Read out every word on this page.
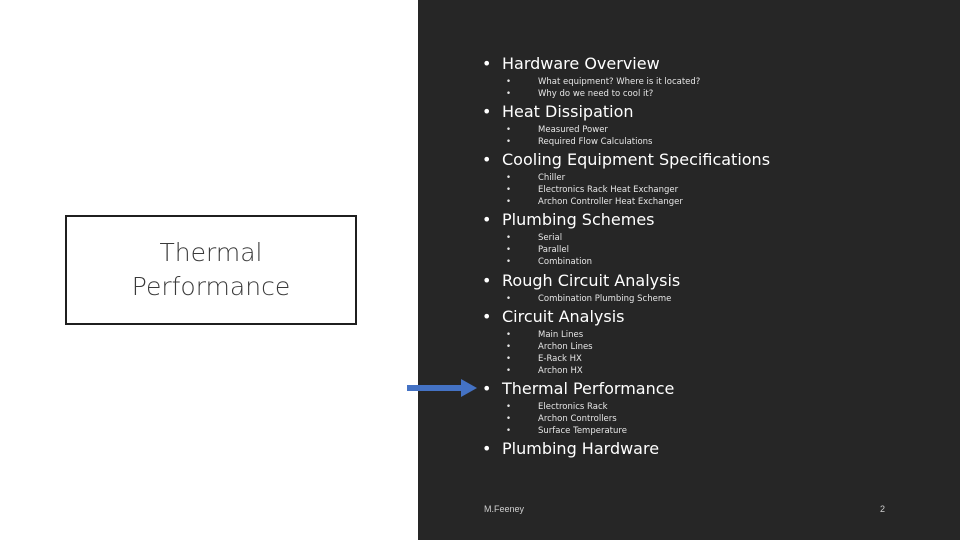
Thermal
Performance
• Hardware Overview
•	What equipment? Where is it located?
•	Why do we need to cool it?
• Heat Dissipation
•	Measured Power
•	Required Flow Calculations
• Cooling Equipment Specifications
•	Chiller
•	Electronics Rack Heat Exchanger
•	Archon Controller Heat Exchanger
• Plumbing Schemes
•	Serial
•	Parallel
•	Combination
• Rough Circuit Analysis
•	Combination Plumbing Scheme
• Circuit Analysis
•	Main Lines
•	Archon Lines
•	E-Rack HX
•	Archon HX
• Thermal Performance
•	Electronics Rack
•	Archon Controllers
•	Surface Temperature
• Plumbing Hardware
M.Feeney	2
